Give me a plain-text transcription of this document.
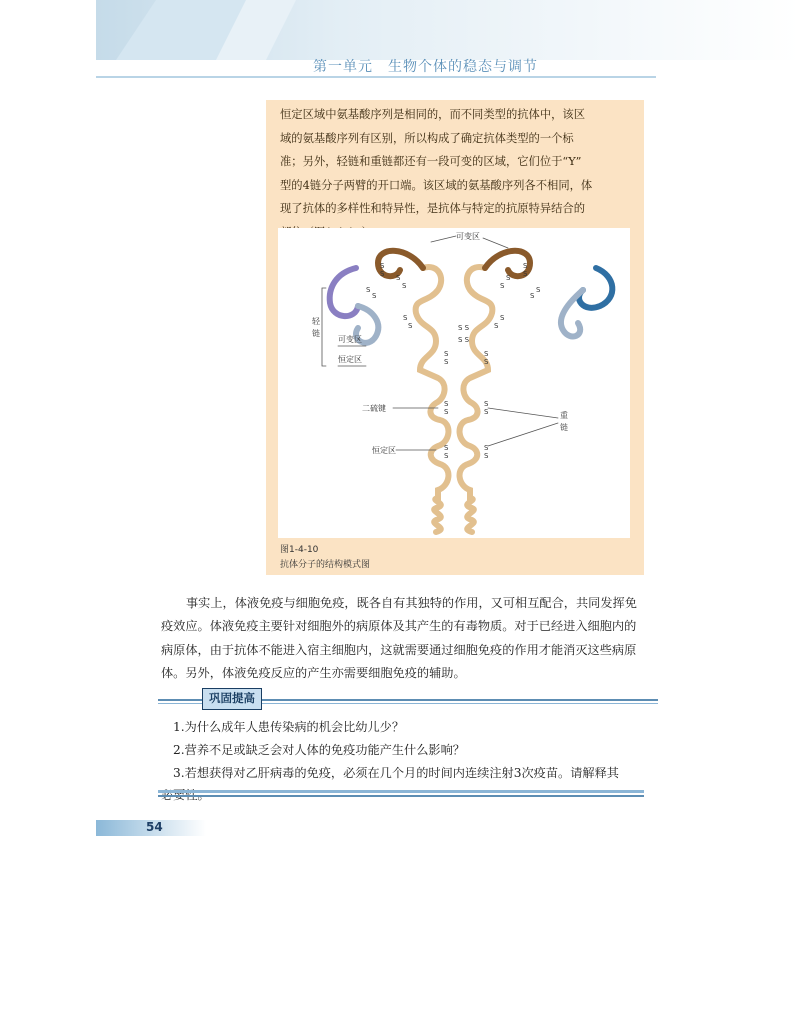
第一单元　生物个体的稳态与调节
恒定区域中氨基酸序列是相同的，而不同类型的抗体中，该区
域的氨基酸序列有区别，所以构成了确定抗体类型的一个标
准；另外，轻链和重链都还有一段可变的区域，它们位于“Y”
型的4链分子两臂的开口端。该区域的氨基酸序列各不相同，体
现了抗体的多样性和特异性，是抗体与特定的抗原特异结合的
可变区
轻
链
可变区
恒定区
二硫键
恒定区
重
链
S
S
S
S
S
S
S
S
S
S
S
S
S
S
S
S
S S
S S
S
S
S
S
S
S
S
S
S
S
S
S
图1-4-10
抗体分子的结构模式图
事实上，体液免疫与细胞免疫，既各自有其独特的作用，又可相互配合，共同发挥免疫效应。体液免疫主要针对细胞外的病原体及其产生的有毒物质。对于已经进入细胞内的病原体，由于抗体不能进入宿主细胞内，这就需要通过细胞免疫的作用才能消灭这些病原体。另外，体液免疫反应的产生亦需要细胞免疫的辅助。
巩固提高
1.为什么成年人患传染病的机会比幼儿少？
2.营养不足或缺乏会对人体的免疫功能产生什么影响？
3.若想获得对乙肝病毒的免疫，必须在几个月的时间内连续注射3次疫苗。请解释其
54
